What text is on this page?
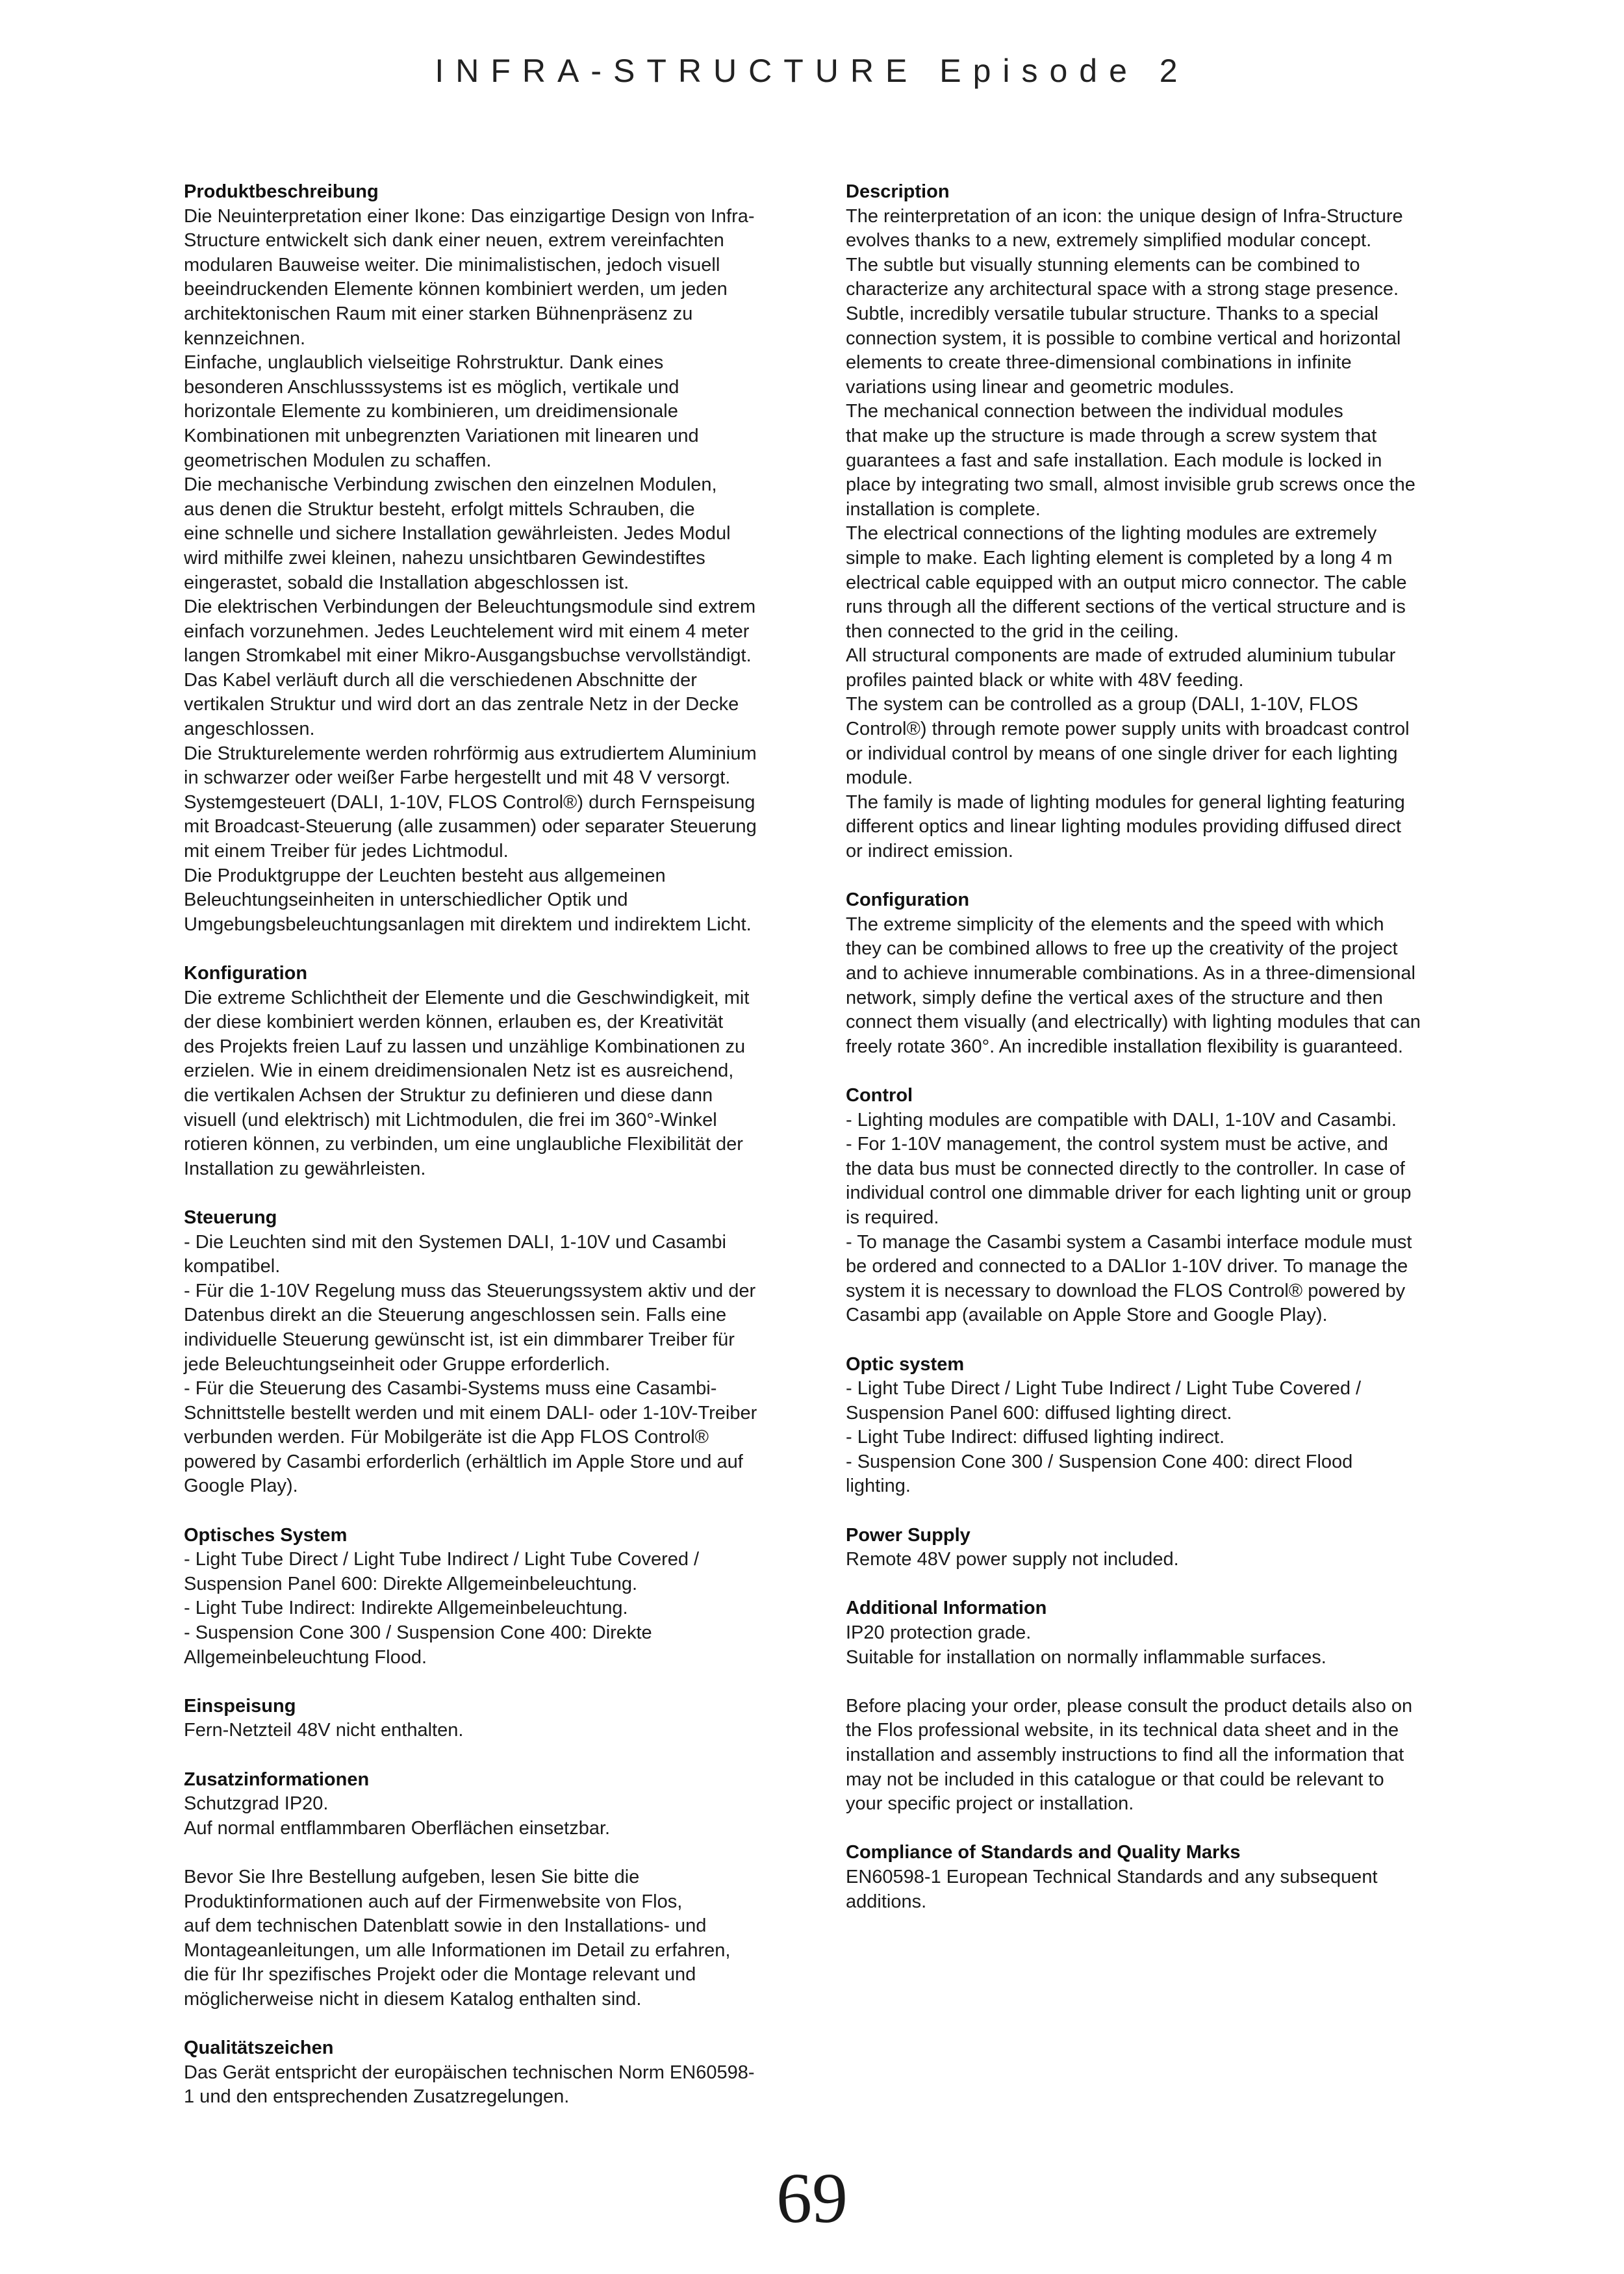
INFRA-STRUCTURE Episode 2
Produktbeschreibung

Die Neuinterpretation einer Ikone: Das einzigartige Design von Infra-
Structure entwickelt sich dank einer neuen, extrem vereinfachten
modularen Bauweise weiter. Die minimalistischen, jedoch visuell
beeindruckenden Elemente können kombiniert werden, um jeden
architektonischen Raum mit einer starken Bühnenpräsenz zu
kennzeichnen.
Einfache, unglaublich vielseitige Rohrstruktur. Dank eines
besonderen Anschlusssystems ist es möglich, vertikale und
horizontale Elemente zu kombinieren, um dreidimensionale
Kombinationen mit unbegrenzten Variationen mit linearen und
geometrischen Modulen zu schaffen.
Die mechanische Verbindung zwischen den einzelnen Modulen,
aus denen die Struktur besteht, erfolgt mittels Schrauben, die
eine schnelle und sichere Installation gewährleisten. Jedes Modul
wird mithilfe zwei kleinen, nahezu unsichtbaren Gewindestiftes
eingerastet, sobald die Installation abgeschlossen ist.
Die elektrischen Verbindungen der Beleuchtungsmodule sind extrem
einfach vorzunehmen. Jedes Leuchtelement wird mit einem 4 meter
langen Stromkabel mit einer Mikro-Ausgangsbuchse vervollständigt.
Das Kabel verläuft durch all die verschiedenen Abschnitte der
vertikalen Struktur und wird dort an das zentrale Netz in der Decke
angeschlossen.
Die Strukturelemente werden rohrförmig aus extrudiertem Aluminium
in schwarzer oder weißer Farbe hergestellt und mit 48 V versorgt.
Systemgesteuert (DALI, 1-10V, FLOS Control®) durch Fernspeisung
mit Broadcast-Steuerung (alle zusammen) oder separater Steuerung
mit einem Treiber für jedes Lichtmodul.
Die Produktgruppe der Leuchten besteht aus allgemeinen
Beleuchtungseinheiten in unterschiedlicher Optik und
Umgebungsbeleuchtungsanlagen mit direktem und indirektem Licht.

Konfiguration

Die extreme Schlichtheit der Elemente und die Geschwindigkeit, mit
der diese kombiniert werden können, erlauben es, der Kreativität
des Projekts freien Lauf zu lassen und unzählige Kombinationen zu
erzielen. Wie in einem dreidimensionalen Netz ist es ausreichend,
die vertikalen Achsen der Struktur zu definieren und diese dann
visuell (und elektrisch) mit Lichtmodulen, die frei im 360°-Winkel
rotieren können, zu verbinden, um eine unglaubliche Flexibilität der
Installation zu gewährleisten.

Steuerung

- Die Leuchten sind mit den Systemen DALI, 1-10V und Casambi
kompatibel.
- Für die 1-10V Regelung muss das Steuerungssystem aktiv und der
Datenbus direkt an die Steuerung angeschlossen sein. Falls eine
individuelle Steuerung gewünscht ist, ist ein dimmbarer Treiber für
jede Beleuchtungseinheit oder Gruppe erforderlich.
- Für die Steuerung des Casambi-Systems muss eine Casambi-
Schnittstelle bestellt werden und mit einem DALI- oder 1-10V-Treiber
verbunden werden. Für Mobilgeräte ist die App FLOS Control®
powered by Casambi erforderlich (erhältlich im Apple Store und auf
Google Play).

Optisches System

- Light Tube Direct / Light Tube Indirect / Light Tube Covered /
Suspension Panel 600: Direkte Allgemeinbeleuchtung.
- Light Tube Indirect: Indirekte Allgemeinbeleuchtung.
- Suspension Cone 300 / Suspension Cone 400: Direkte
Allgemeinbeleuchtung Flood.

Einspeisung

Fern-Netzteil 48V nicht enthalten.

Zusatzinformationen

Schutzgrad IP20.
Auf normal entflammbaren Oberflächen einsetzbar.

Bevor Sie Ihre Bestellung aufgeben, lesen Sie bitte die
Produktinformationen auch auf der Firmenwebsite von Flos,
auf dem technischen Datenblatt sowie in den Installations- und
Montageanleitungen, um alle Informationen im Detail zu erfahren,
die für Ihr spezifisches Projekt oder die Montage relevant und
möglicherweise nicht in diesem Katalog enthalten sind.

Qualitätszeichen

Das Gerät entspricht der europäischen technischen Norm EN60598-
1 und den entsprechenden Zusatzregelungen.

Description

The reinterpretation of an icon: the unique design of Infra-Structure
evolves thanks to a new, extremely simplified modular concept.
The subtle but visually stunning elements can be combined to
characterize any architectural space with a strong stage presence.
Subtle, incredibly versatile tubular structure. Thanks to a special
connection system, it is possible to combine vertical and horizontal
elements to create three-dimensional combinations in infinite
variations using linear and geometric modules.
The mechanical connection between the individual modules
that make up the structure is made through a screw system that
guarantees a fast and safe installation. Each module is locked in
place by integrating two small, almost invisible grub screws once the
installation is complete.
The electrical connections of the lighting modules are extremely
simple to make. Each lighting element is completed by a long 4 m
electrical cable equipped with an output micro connector. The cable
runs through all the different sections of the vertical structure and is
then connected to the grid in the ceiling.
All structural components are made of extruded aluminium tubular
profiles painted black or white with 48V feeding.
The system can be controlled as a group (DALI, 1-10V, FLOS
Control®) through remote power supply units with broadcast control
or individual control by means of one single driver for each lighting
module.
The family is made of lighting modules for general lighting featuring
different optics and linear lighting modules providing diffused direct
or indirect emission.

Configuration

The extreme simplicity of the elements and the speed with which
they can be combined allows to free up the creativity of the project
and to achieve innumerable combinations. As in a three-dimensional
network, simply define the vertical axes of the structure and then
connect them visually (and electrically) with lighting modules that can
freely rotate 360°. An incredible installation flexibility is guaranteed.

Control

- Lighting modules are compatible with DALI, 1-10V and Casambi.
- For 1-10V management, the control system must be active, and
the data bus must be connected directly to the controller. In case of
individual control one dimmable driver for each lighting unit or group
is required.
- To manage the Casambi system a Casambi interface module must
be ordered and connected to a DALIor 1-10V driver. To manage the
system it is necessary to download the FLOS Control® powered by
Casambi app (available on Apple Store and Google Play).

Optic system

- Light Tube Direct / Light Tube Indirect / Light Tube Covered /
Suspension Panel 600: diffused lighting direct.
- Light Tube Indirect: diffused lighting indirect.
- Suspension Cone 300 / Suspension Cone 400: direct Flood
lighting.

Power Supply

Remote 48V power supply not included.

Additional Information

IP20 protection grade.
Suitable for installation on normally inflammable surfaces.

Before placing your order, please consult the product details also on
the Flos professional website, in its technical data sheet and in the
installation and assembly instructions to find all the information that
may not be included in this catalogue or that could be relevant to
your specific project or installation.

Compliance of Standards and Quality Marks

EN60598-1 European Technical Standards and any subsequent
additions.

69
